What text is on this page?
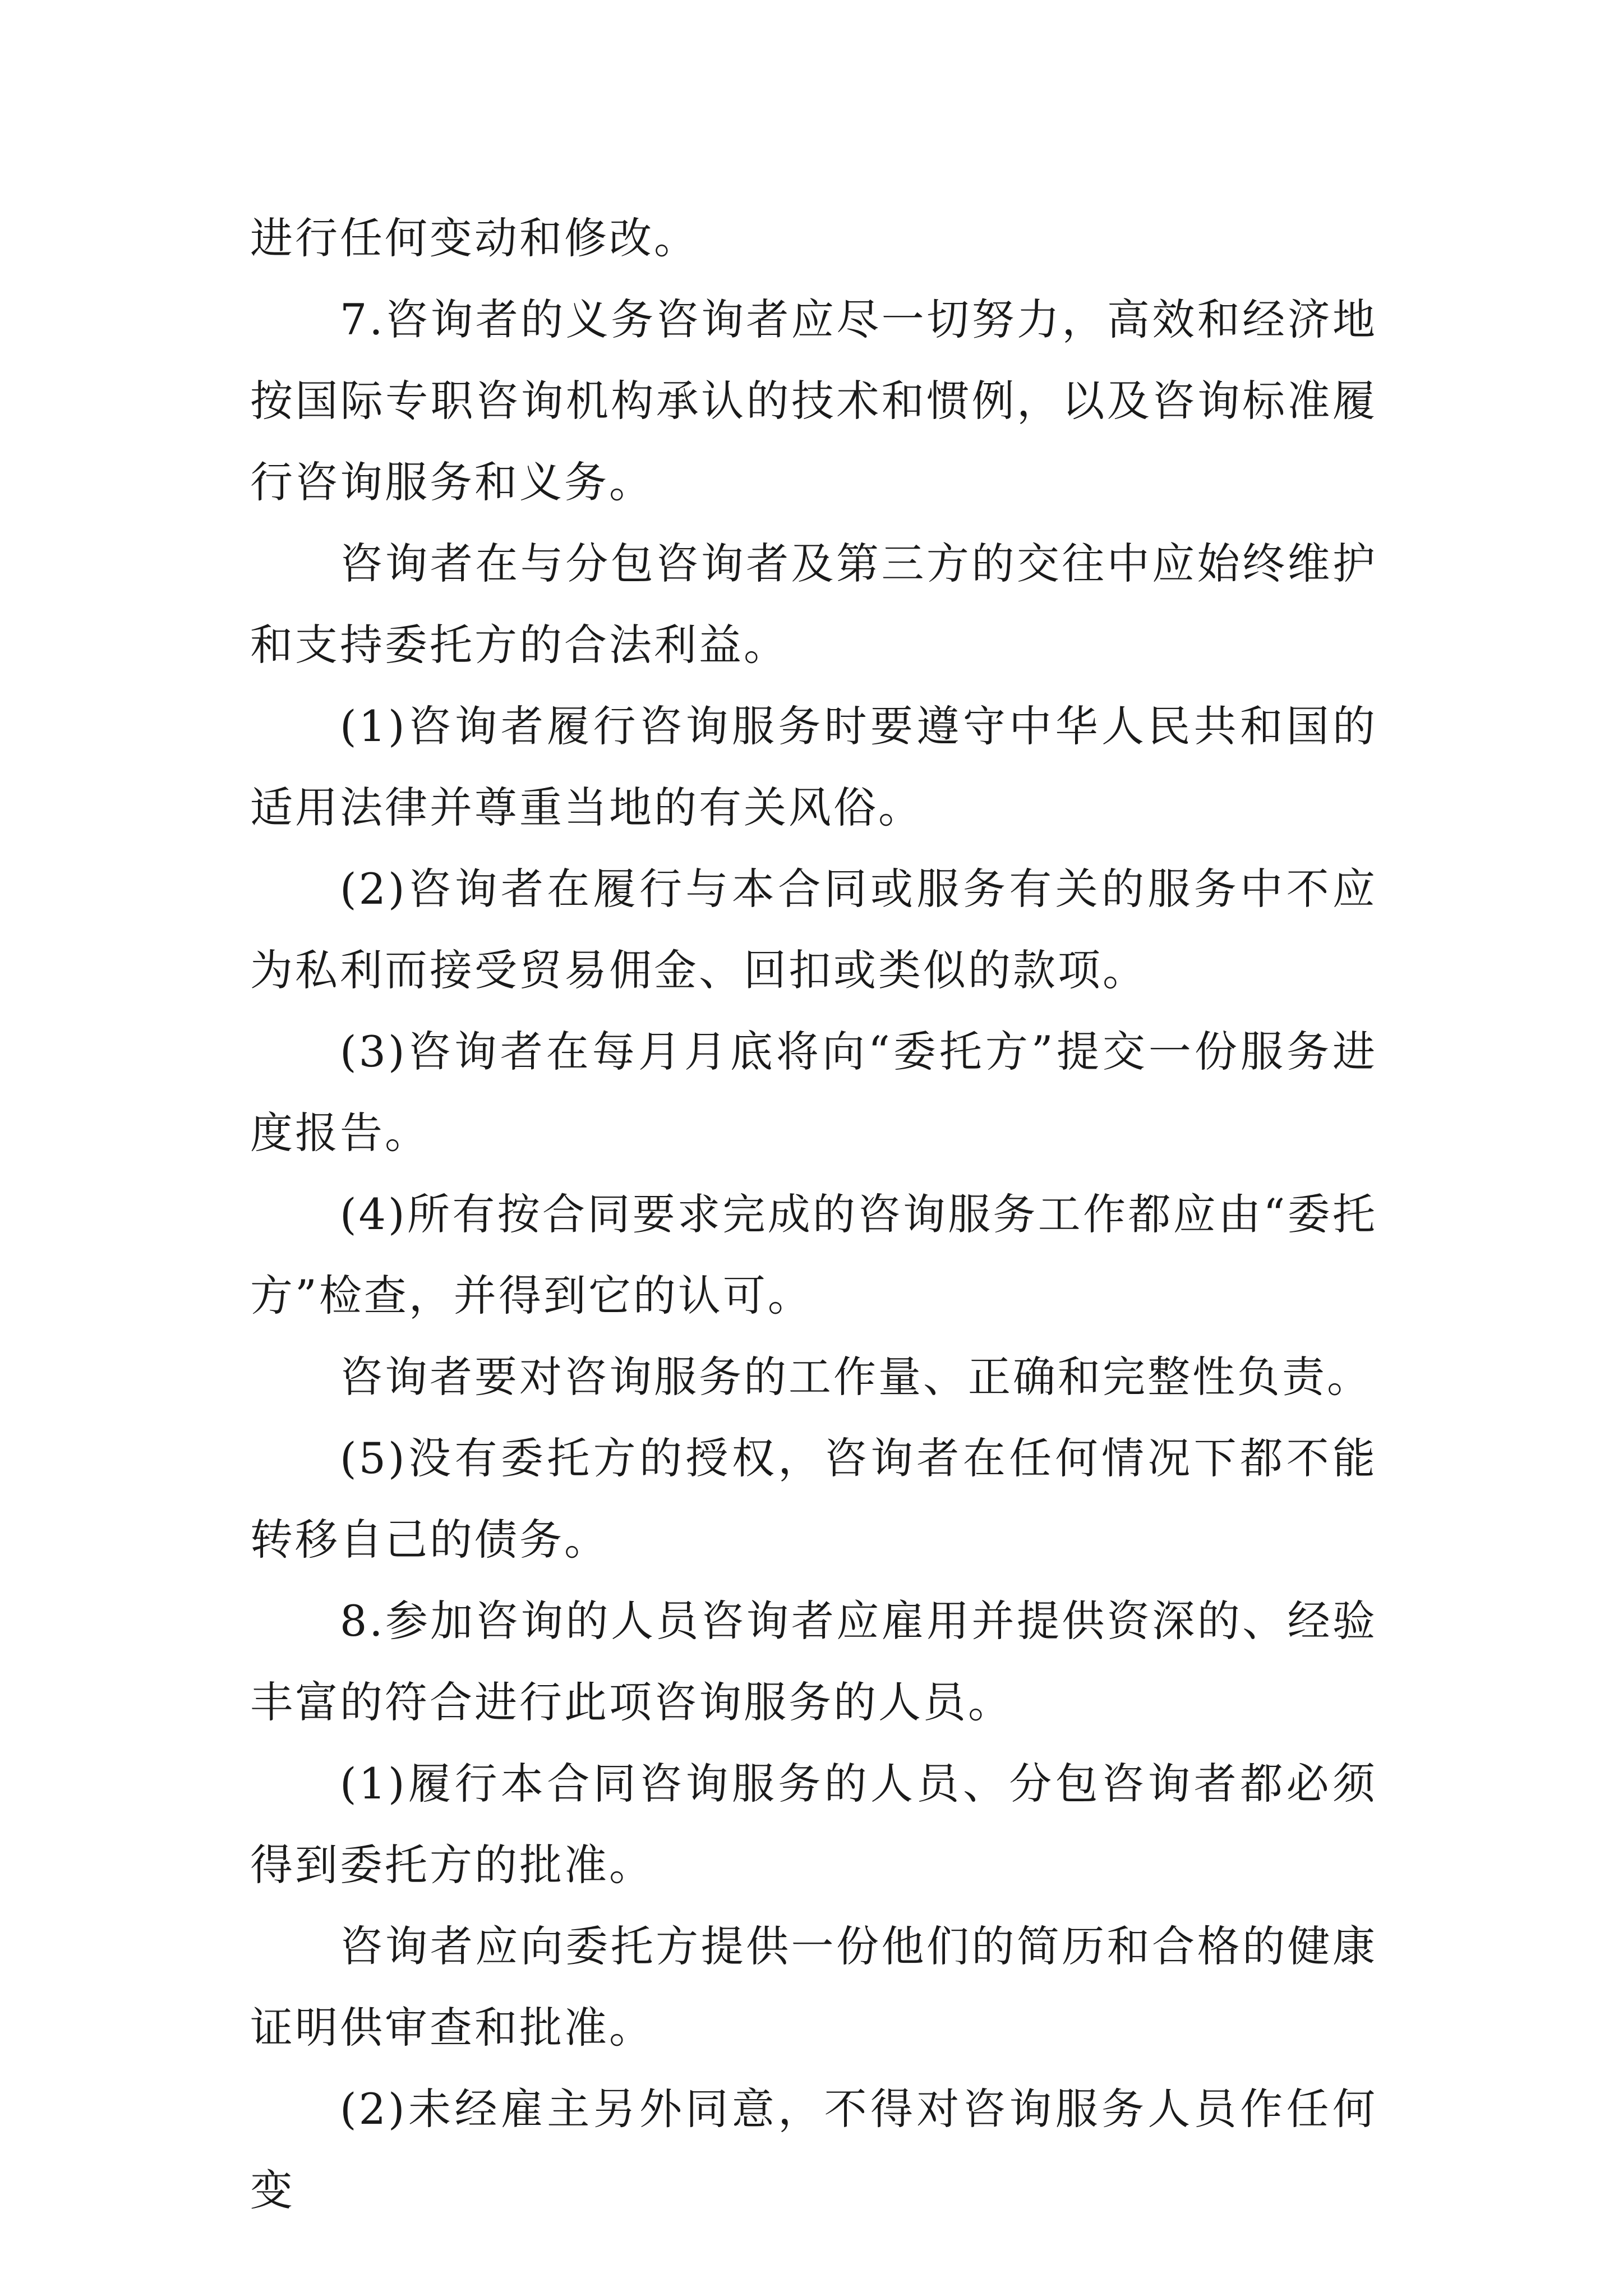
进行任何变动和修改。

7.咨询者的义务咨询者应尽一切努力，高效和经济地按国际专职咨询机构承认的技术和惯例，以及咨询标准履行咨询服务和义务。

咨询者在与分包咨询者及第三方的交往中应始终维护和支持委托方的合法利益。

(1)咨询者履行咨询服务时要遵守中华人民共和国的适用法律并尊重当地的有关风俗。

(2)咨询者在履行与本合同或服务有关的服务中不应为私利而接受贸易佣金、回扣或类似的款项。

(3)咨询者在每月月底将向“委托方”提交一份服务进度报告。

(4)所有按合同要求完成的咨询服务工作都应由“委托方”检查，并得到它的认可。

咨询者要对咨询服务的工作量、正确和完整性负责。

(5)没有委托方的授权，咨询者在任何情况下都不能转移自己的债务。

8.参加咨询的人员咨询者应雇用并提供资深的、经验丰富的符合进行此项咨询服务的人员。

(1)履行本合同咨询服务的人员、分包咨询者都必须得到委托方的批准。

咨询者应向委托方提供一份他们的简历和合格的健康证明供审查和批准。

(2)未经雇主另外同意，不得对咨询服务人员作任何变
